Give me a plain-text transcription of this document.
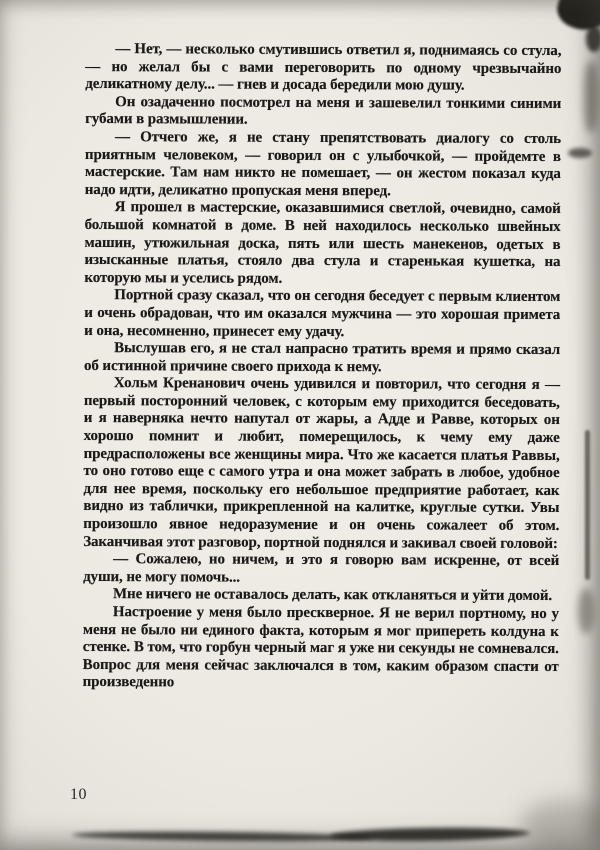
— Нет, — несколько смутившись ответил я, поднимаясь со стула, — но желал бы с вами переговорить по одному чрезвычайно деликатному делу... — гнев и досада бередили мою душу.

Он озадаченно посмотрел на меня и зашевелил тонкими синими губами в размышлении.

— Отчего же, я не стану препятствовать диалогу со столь приятным человеком, — говорил он с улыбочкой, — пройдемте в мастерские. Там нам никто не помешает, — он жестом показал куда надо идти, деликатно пропуская меня вперед.

Я прошел в мастерские, оказавшимися светлой, очевидно, самой большой комнатой в доме. В ней находилось несколько швейных машин, утюжильная доска, пять или шесть манекенов, одетых в изысканные платья, стояло два стула и старенькая кушетка, на которую мы и уселись рядом.

Портной сразу сказал, что он сегодня беседует с первым клиентом и очень обрадован, что им оказался мужчина — это хорошая примета и она, несомненно, принесет ему удачу.

Выслушав его, я не стал напрасно тратить время и прямо сказал об истинной причине своего прихода к нему.

Хольм Кренанович очень удивился и повторил, что сегодня я — первый посторонний человек, с которым ему приходится беседовать, и я наверняка нечто напутал от жары, а Адде и Равве, которых он хорошо помнит и любит, померещилось, к чему ему даже предрасположены все женщины мира. Что же касается платья Раввы, то оно готово еще с самого утра и она может забрать в любое, удобное для нее время, поскольку его небольшое предприятие работает, как видно из таблички, прикрепленной на калитке, круглые сутки. Увы произошло явное недоразумение и он очень сожалеет об этом. Заканчивая этот разговор, портной поднялся и закивал своей головой:

— Сожалею, но ничем, и это я говорю вам искренне, от всей души, не могу помочь...

Мне ничего не оставалось делать, как откланяться и уйти домой.

Настроение у меня было прескверное. Я не верил портному, но у меня не было ни единого факта, которым я мог припереть колдуна к стенке. В том, что горбун черный маг я уже ни секунды не сомневался. Вопрос для меня сейчас заключался в том, каким образом спасти от произведенно

10
